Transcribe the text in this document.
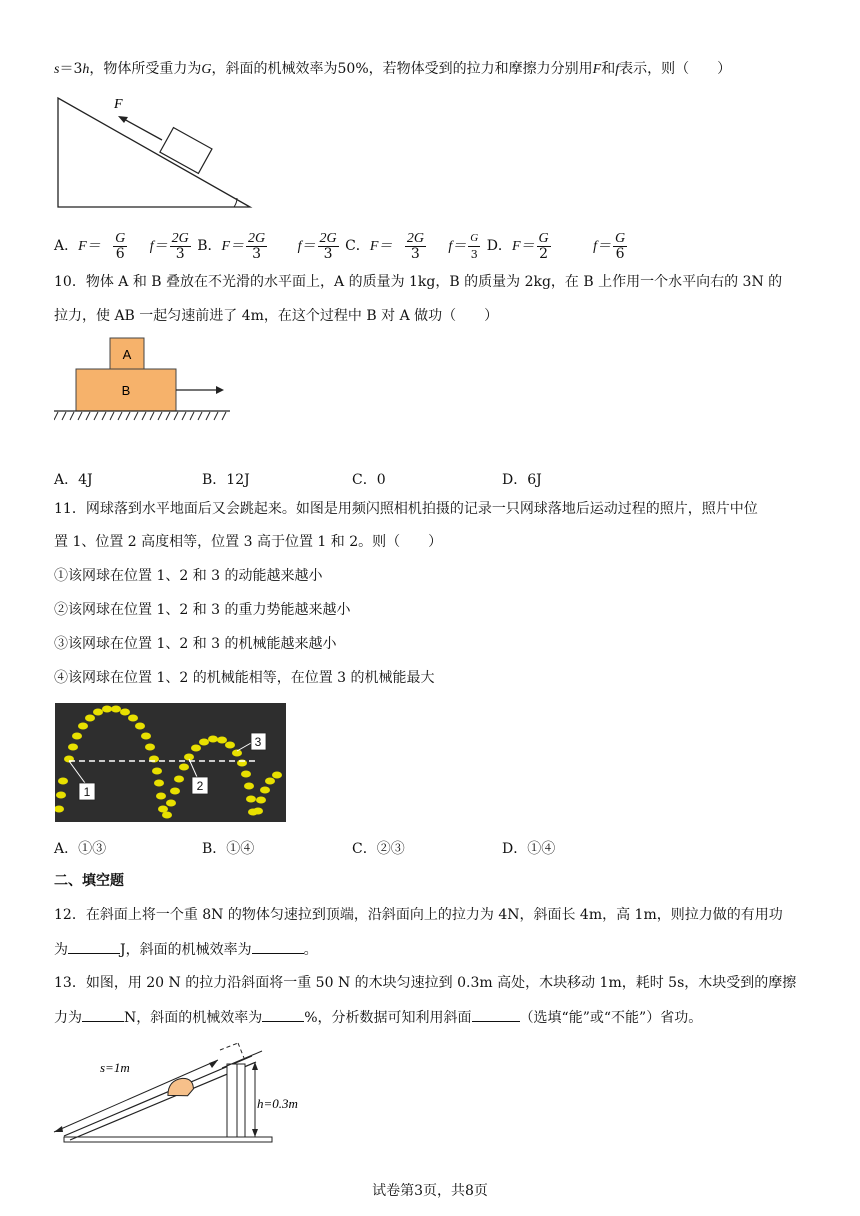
s＝3h，物体所受重力为G，斜面的机械效率为50%，若物体受到的拉力和摩擦力分别用F和f表示，则（　　）
F
A．$F= \frac{G}{6} f= \frac{2G}{3}$ B．$F= \frac{2G}{3} f= \frac{2G}{3}$ C．$F= \frac{2G}{3} f= \frac{G}{3}$ D．$F= \frac{G}{2}$	$f= \frac{G}{6}$
10．物体 A 和 B 叠放在不光滑的水平面上，A 的质量为 1kg，B 的质量为 2kg，在 B 上作用一个水平向右的 3N 的
拉力，使 AB 一起匀速前进了 4m，在这个过程中 B 对 A 做功（　　）
A
B
A．4J	B．12J	C．0	D．6J
11．网球落到水平地面后又会跳起来。如图是用频闪照相机拍摄的记录一只网球落地后运动过程的照片，照片中位
置 1、位置 2 高度相等，位置 3 高于位置 1 和 2。则（　　）
①该网球在位置 1、2 和 3 的动能越来越小
②该网球在位置 1、2 和 3 的重力势能越来越小
③该网球在位置 1、2 和 3 的机械能越来越小
④该网球在位置 1、2 的机械能相等，在位置 3 的机械能最大
1	2
3
A．①③	B．①④	C．②③	D．①④
二、填空题
12．在斜面上将一个重 8N 的物体匀速拉到顶端，沿斜面向上的拉力为 4N，斜面长 4m，高 1m，则拉力做的有用功
为	J，斜面的机械效率为	。
13．如图，用 20 N 的拉力沿斜面将一重 50 N 的木块匀速拉到 0.3m 高处，木块移动 1m，耗时 5s，木块受到的摩擦
力为	N，斜面的机械效率为	%，分析数据可知利用斜面	（选填“能”或“不能”）省功。
s=1m
h=0.3m
试卷第3页，共8页
